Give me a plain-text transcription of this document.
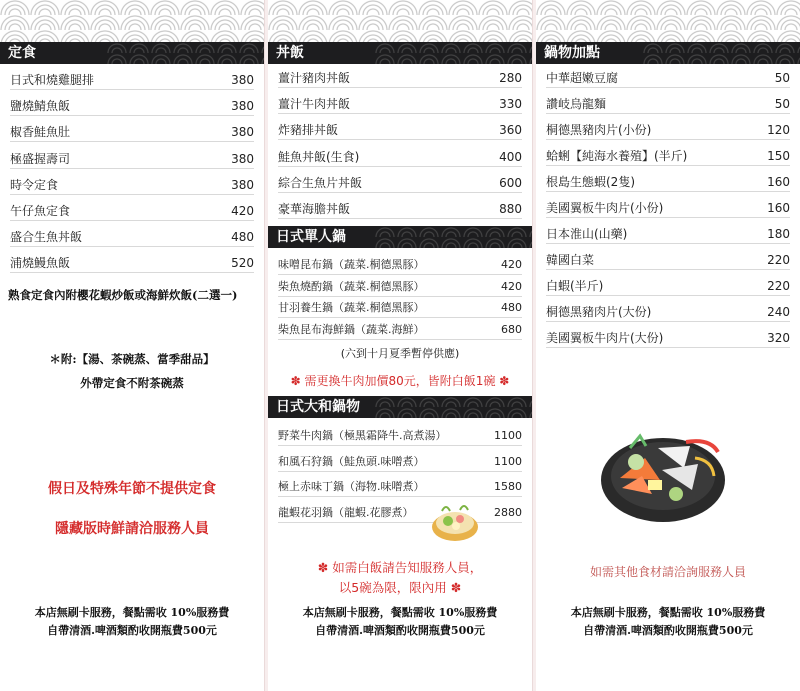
定食
日式和燒雞腿排	380
鹽燒鯖魚飯	380
椒香鮭魚肚	380
極盛握壽司	380
時令定食	380
午仔魚定食	420
盛合生魚丼飯	480
浦燒鰻魚飯	520
熟食定食內附櫻花蝦炒飯或海鮮炊飯(二選一)
＊附:【湯、茶碗蒸、當季甜品】
外帶定食不附茶碗蒸
假日及特殊年節不提供定食
隱藏版時鮮請洽服務人員
本店無刷卡服務，餐點需收 10%服務費
自帶清酒.啤酒類酌收開瓶費500元
丼飯
薑汁豬肉丼飯	280
薑汁牛肉丼飯	330
炸豬排丼飯	360
鮭魚丼飯(生食)	400
綜合生魚片丼飯	600
豪華海膽丼飯	880
日式單人鍋
味噌昆布鍋（蔬菜.桐德黑豚）	420
柴魚燒酌鍋（蔬菜.桐德黑豚）	420
甘羽養生鍋（蔬菜.桐德黑豚）	480
柴魚昆布海鮮鍋（蔬菜.海鮮）	680
(六到十月夏季暫停供應)
✽ 需更換牛肉加價80元，皆附白飯1碗 ✽
日式大和鍋物
野菜牛肉鍋（極黑霜降牛.高煮湯）	1100
和風石狩鍋（鮭魚頭.味噌煮）	1100
極上赤味丁鍋（海物.味噌煮）	1580
龍蝦花羽鍋（龍蝦.花膠煮）	2880
✽ 如需白飯請告知服務人員，
以5碗為限，限內用 ✽
本店無刷卡服務，餐點需收 10%服務費
自帶清酒.啤酒類酌收開瓶費500元
鍋物加點
中華超嫩豆腐	50
讚岐烏龍麵	50
桐德黑豬肉片(小份)	120
蛤蜊【純海水養殖】(半斤)	150
根島生態蝦(2隻)	160
美國翼板牛肉片(小份)	160
日本淮山(山藥)	180
韓國白菜	220
白蝦(半斤)	220
桐德黑豬肉片(大份)	240
美國翼板牛肉片(大份)	320
如需其他食材請洽詢服務人員
本店無刷卡服務，餐點需收 10%服務費
自帶清酒.啤酒類酌收開瓶費500元
